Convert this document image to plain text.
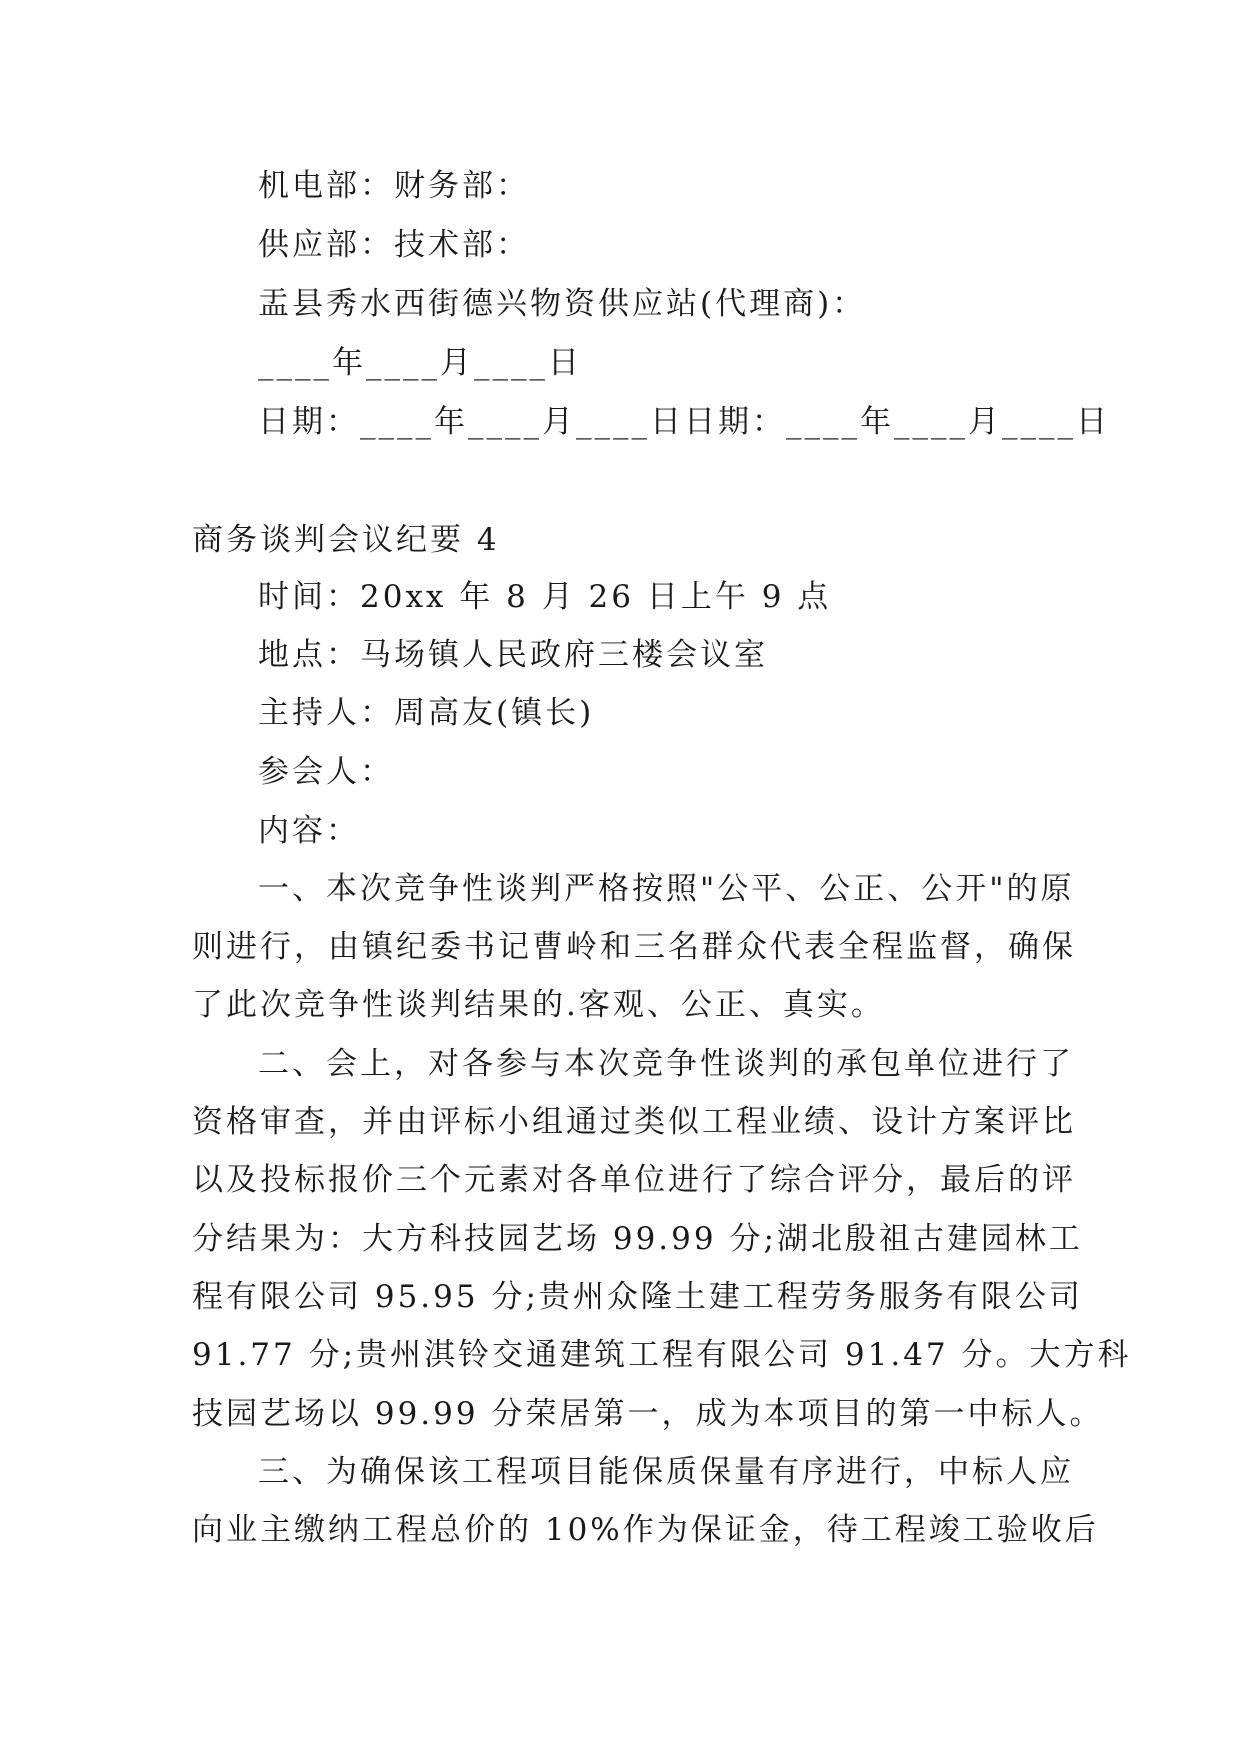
机电部：财务部：
供应部：技术部：
盂县秀水西街德兴物资供应站(代理商)：
____年____月____日
日期：____年____月____日日期：____年____月____日
商务谈判会议纪要 4
时间：20xx 年 8 月 26 日上午 9 点
地点：马场镇人民政府三楼会议室
主持人：周高友(镇长)
参会人：
内容：
一、本次竞争性谈判严格按照"公平、公正、公开"的原
则进行，由镇纪委书记曹岭和三名群众代表全程监督，确保
了此次竞争性谈判结果的.客观、公正、真实。
二、会上，对各参与本次竞争性谈判的承包单位进行了
资格审查，并由评标小组通过类似工程业绩、设计方案评比
以及投标报价三个元素对各单位进行了综合评分，最后的评
分结果为：大方科技园艺场 99.99 分;湖北殷祖古建园林工
程有限公司 95.95 分;贵州众隆土建工程劳务服务有限公司
91.77 分;贵州淇铃交通建筑工程有限公司 91.47 分。大方科
技园艺场以 99.99 分荣居第一，成为本项目的第一中标人。
三、为确保该工程项目能保质保量有序进行，中标人应
向业主缴纳工程总价的 10%作为保证金，待工程竣工验收后
